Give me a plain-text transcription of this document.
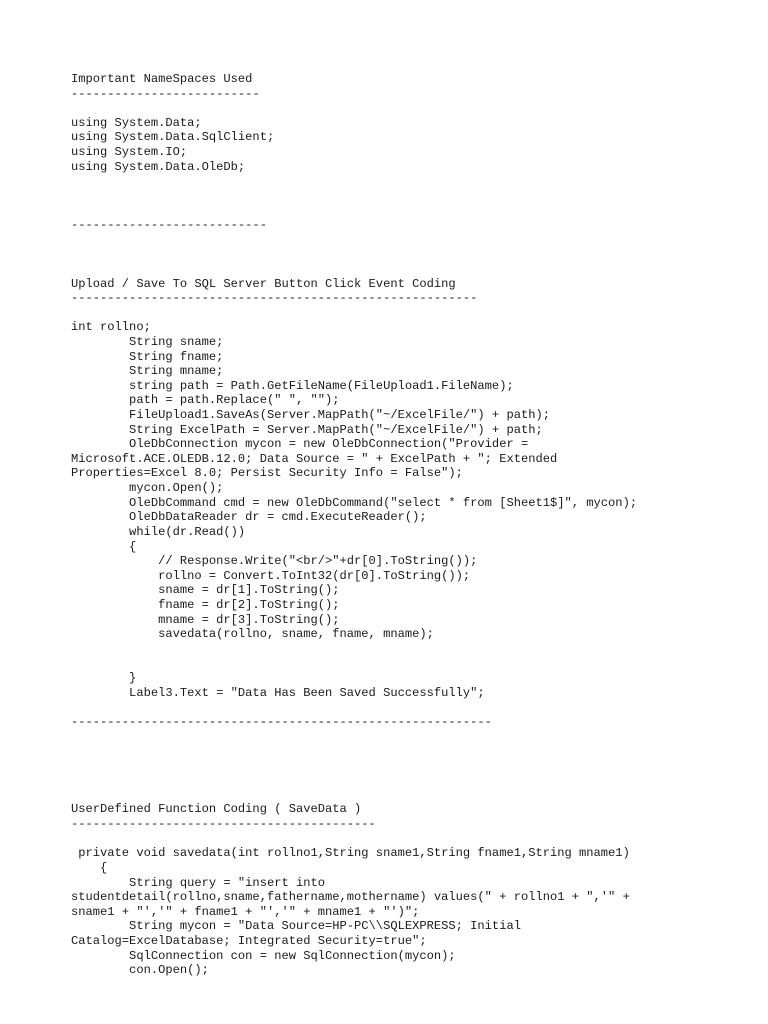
Important NameSpaces Used
--------------------------
using System.Data;
using System.Data.SqlClient;
using System.IO;
using System.Data.OleDb;
---------------------------
Upload / Save To SQL Server Button Click Event Coding
--------------------------------------------------------
int rollno;
String sname;
String fname;
String mname;
string path = Path.GetFileName(FileUpload1.FileName);
path = path.Replace(" ", "");
FileUpload1.SaveAs(Server.MapPath("~/ExcelFile/") + path);
String ExcelPath = Server.MapPath("~/ExcelFile/") + path;
OleDbConnection mycon = new OleDbConnection("Provider =
Microsoft.ACE.OLEDB.12.0; Data Source = " + ExcelPath + "; Extended
Properties=Excel 8.0; Persist Security Info = False");
mycon.Open();
OleDbCommand cmd = new OleDbCommand("select * from [Sheet1$]", mycon);
OleDbDataReader dr = cmd.ExecuteReader();
while(dr.Read())
{
// Response.Write("<br/>"+dr[0].ToString());
rollno = Convert.ToInt32(dr[0].ToString());
sname = dr[1].ToString();
fname = dr[2].ToString();
mname = dr[3].ToString();
savedata(rollno, sname, fname, mname);
}
Label3.Text = "Data Has Been Saved Successfully";
----------------------------------------------------------
UserDefined Function Coding ( SaveData )
------------------------------------------
private void savedata(int rollno1,String sname1,String fname1,String mname1)
{
String query = "insert into
studentdetail(rollno,sname,fathername,mothername) values(" + rollno1 + ",'" +
sname1 + "','" + fname1 + "','" + mname1 + "')";
String mycon = "Data Source=HP-PC\\SQLEXPRESS; Initial
Catalog=ExcelDatabase; Integrated Security=true";
SqlConnection con = new SqlConnection(mycon);
con.Open();
